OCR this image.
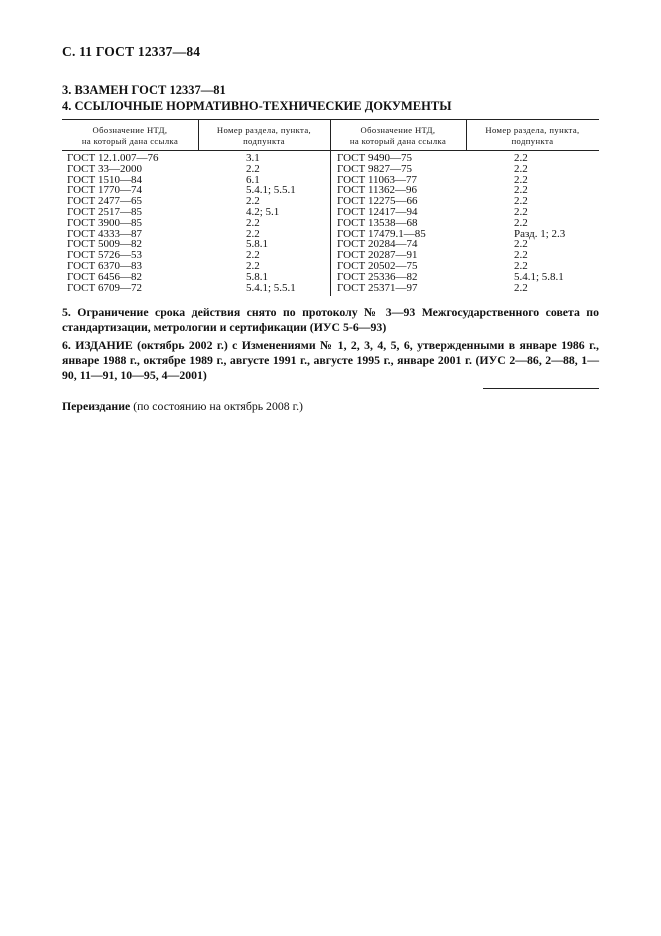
С. 11 ГОСТ 12337—84
3. ВЗАМЕН ГОСТ 12337—81
4. ССЫЛОЧНЫЕ НОРМАТИВНО-ТЕХНИЧЕСКИЕ ДОКУМЕНТЫ
Обозначение НТД,
на который дана ссылка
Номер раздела, пункта,
подпункта
Обозначение НТД,
на который дана ссылка
Номер раздела, пункта,
подпункта
ГОСТ 12.1.007—76
ГОСТ 33—2000
ГОСТ 1510—84
ГОСТ 1770—74
ГОСТ 2477—65
ГОСТ 2517—85
ГОСТ 3900—85
ГОСТ 4333—87
ГОСТ 5009—82
ГОСТ 5726—53
ГОСТ 6370—83
ГОСТ 6456—82
ГОСТ 6709—72
3.1
2.2
6.1
5.4.1; 5.5.1
2.2
4.2; 5.1
2.2
2.2
5.8.1
2.2
2.2
5.8.1
5.4.1; 5.5.1
ГОСТ 9490—75
ГОСТ 9827—75
ГОСТ 11063—77
ГОСТ 11362—96
ГОСТ 12275—66
ГОСТ 12417—94
ГОСТ 13538—68
ГОСТ 17479.1—85
ГОСТ 20284—74
ГОСТ 20287—91
ГОСТ 20502—75
ГОСТ 25336—82
ГОСТ 25371—97
2.2
2.2
2.2
2.2
2.2
2.2
2.2
Разд. 1; 2.3
2.2
2.2
2.2
5.4.1; 5.8.1
2.2
5. Ограничение срока действия снято по протоколу № 3—93 Межгосударственного совета по стандартизации, метрологии и сертификации (ИУС 5-6—93)
6. ИЗДАНИЕ (октябрь 2002 г.) с Изменениями № 1, 2, 3, 4, 5, 6, утвержденными в январе 1986 г., январе 1988 г., октябре 1989 г., августе 1991 г., августе 1995 г., январе 2001 г. (ИУС 2—86, 2—88, 1—90, 11—91, 10—95, 4—2001)
Переиздание (по состоянию на октябрь 2008 г.)
